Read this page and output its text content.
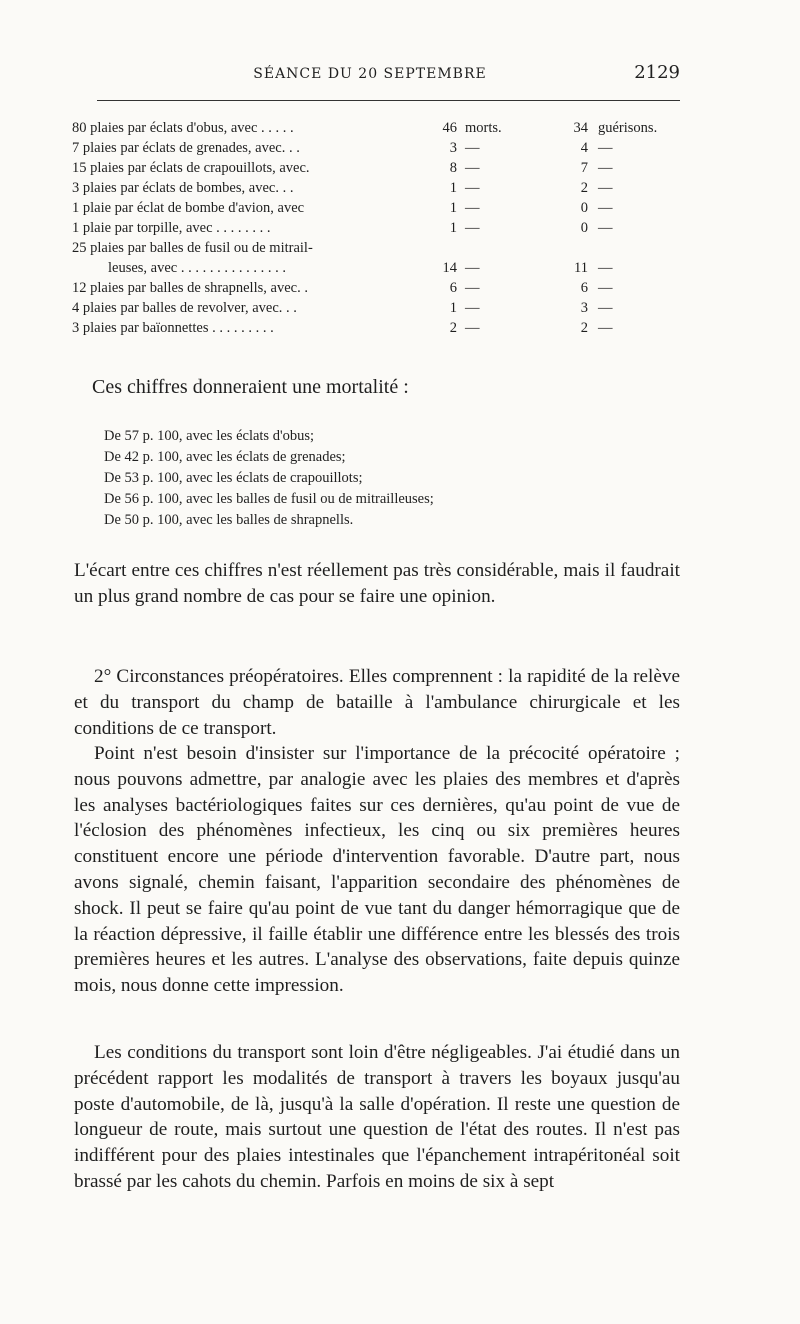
SÉANCE DU 20 SEPTEMBRE	2129
80 plaies par éclats d'obus, avec . . . . .	46	morts.	34	guérisons.
7 plaies par éclats de grenades, avec. . .	3	—	4	—
15 plaies par éclats de crapouillots, avec.	8	—	7	—
3 plaies par éclats de bombes, avec. . .	1	—	2	—
1 plaie par éclat de bombe d'avion, avec	1	—	0	—
1 plaie par torpille, avec . . . . . . . .	1	—	0	—

25 plaies par balles de fusil ou de mitrail-
leuses, avec . . . . . . . . . . . . . . .	14	—	11	—
12 plaies par balles de shrapnells, avec. .	6	—	6	—
4 plaies par balles de revolver, avec. . .	1	—	3	—
3 plaies par baïonnettes . . . . . . . . .	2	—	2	—
Ces chiffres donneraient une mortalité :
De 57 p. 100, avec les éclats d'obus;
De 42 p. 100, avec les éclats de grenades;
De 53 p. 100, avec les éclats de crapouillots;
De 56 p. 100, avec les balles de fusil ou de mitrailleuses;
De 50 p. 100, avec les balles de shrapnells.

L'écart entre ces chiffres n'est réellement pas très considérable, mais il faudrait un plus grand nombre de cas pour se faire une opinion.

2° Circonstances préopératoires. Elles comprennent : la rapidité de la relève et du transport du champ de bataille à l'ambulance chirurgicale et les conditions de ce transport.

Point n'est besoin d'insister sur l'importance de la précocité opératoire ; nous pouvons admettre, par analogie avec les plaies des membres et d'après les analyses bactériologiques faites sur ces dernières, qu'au point de vue de l'éclosion des phénomènes infectieux, les cinq ou six premières heures constituent encore une période d'intervention favorable. D'autre part, nous avons signalé, chemin faisant, l'apparition secondaire des phénomènes de shock. Il peut se faire qu'au point de vue tant du danger hémorragique que de la réaction dépressive, il faille établir une différence entre les blessés des trois premières heures et les autres. L'analyse des observations, faite depuis quinze mois, nous donne cette impression.

Les conditions du transport sont loin d'être négligeables. J'ai étudié dans un précédent rapport les modalités de transport à travers les boyaux jusqu'au poste d'automobile, de là, jusqu'à la salle d'opération. Il reste une question de longueur de route, mais surtout une question de l'état des routes. Il n'est pas indifférent pour des plaies intestinales que l'épanchement intrapéritonéal soit brassé par les cahots du chemin. Parfois en moins de six à sept
